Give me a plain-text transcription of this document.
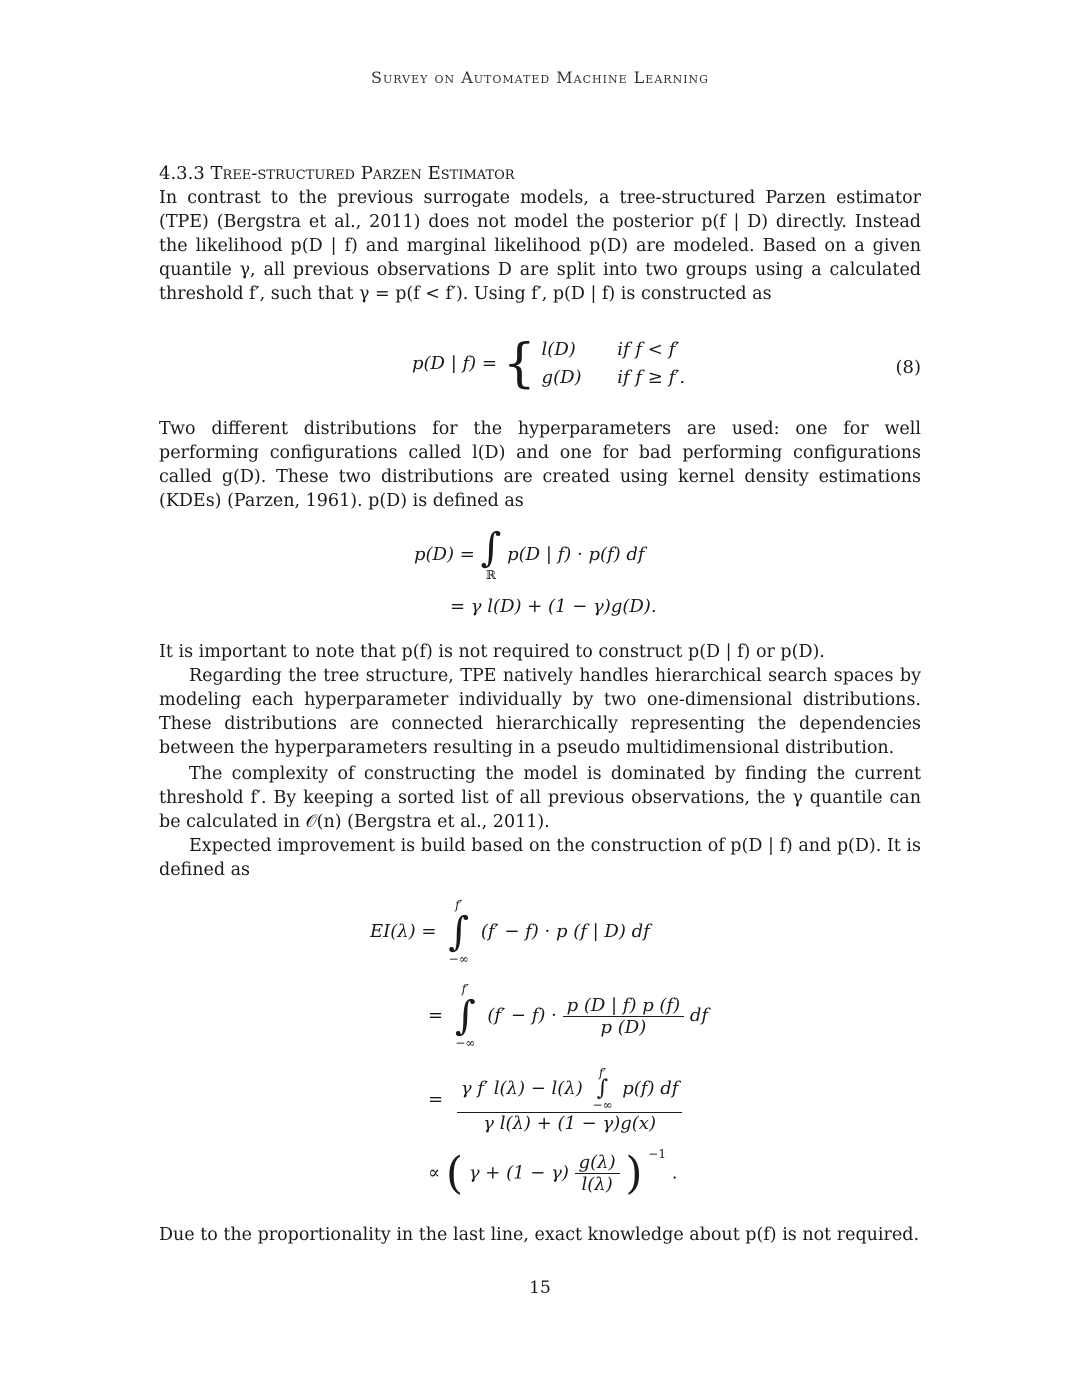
Survey on Automated Machine Learning
4.3.3 Tree-structured Parzen Estimator

In contrast to the previous surrogate models, a tree-structured Parzen estimator (TPE) (Bergstra et al., 2011) does not model the posterior p(f | D) directly. Instead the likelihood p(D | f) and marginal likelihood p(D) are modeled. Based on a given quantile γ, all previous observations D are split into two groups using a calculated threshold f′, such that γ = p(f < f′). Using f′, p(D | f) is constructed as

p(D | f) = { l(D) if f < f′
g(D) if f ≥ f′.	(8)

Two different distributions for the hyperparameters are used: one for well performing configurations called l(D) and one for bad performing configurations called g(D). These two distributions are created using kernel density estimations (KDEs) (Parzen, 1961). p(D) is defined as

p(D) = ∫
ℝ
p(D | f) · p(f) df
= γ l(D) + (1 − γ)g(D).

It is important to note that p(f) is not required to construct p(D | f) or p(D).

Regarding the tree structure, TPE natively handles hierarchical search spaces by modeling each hyperparameter individually by two one-dimensional distributions. These distributions are connected hierarchically representing the dependencies between the hyperparameters resulting in a pseudo multidimensional distribution.

The complexity of constructing the model is dominated by finding the current threshold f′. By keeping a sorted list of all previous observations, the γ quantile can be calculated in 𝒪(n) (Bergstra et al., 2011).

Expected improvement is build based on the construction of p(D | f) and p(D). It is defined as

EI(λ) =
f′
∫
−∞
(f′ − f) · p (f | D) df
=
f′
∫
−∞
$(f' - f) \cdot \frac{p (D | f) p (f)}{p (D)}$ df
=
γ f′ l(λ) − l(λ)
f′
∫
−∞
p(f) df
γ l(λ) + (1 − γ)g(x)
∝ ( $\gamma + (1 - \gamma) \frac{g(\lambda)}{l(\lambda)}$ ) $^{-1}$ .

Due to the proportionality in the last line, exact knowledge about p(f) is not required.

15
